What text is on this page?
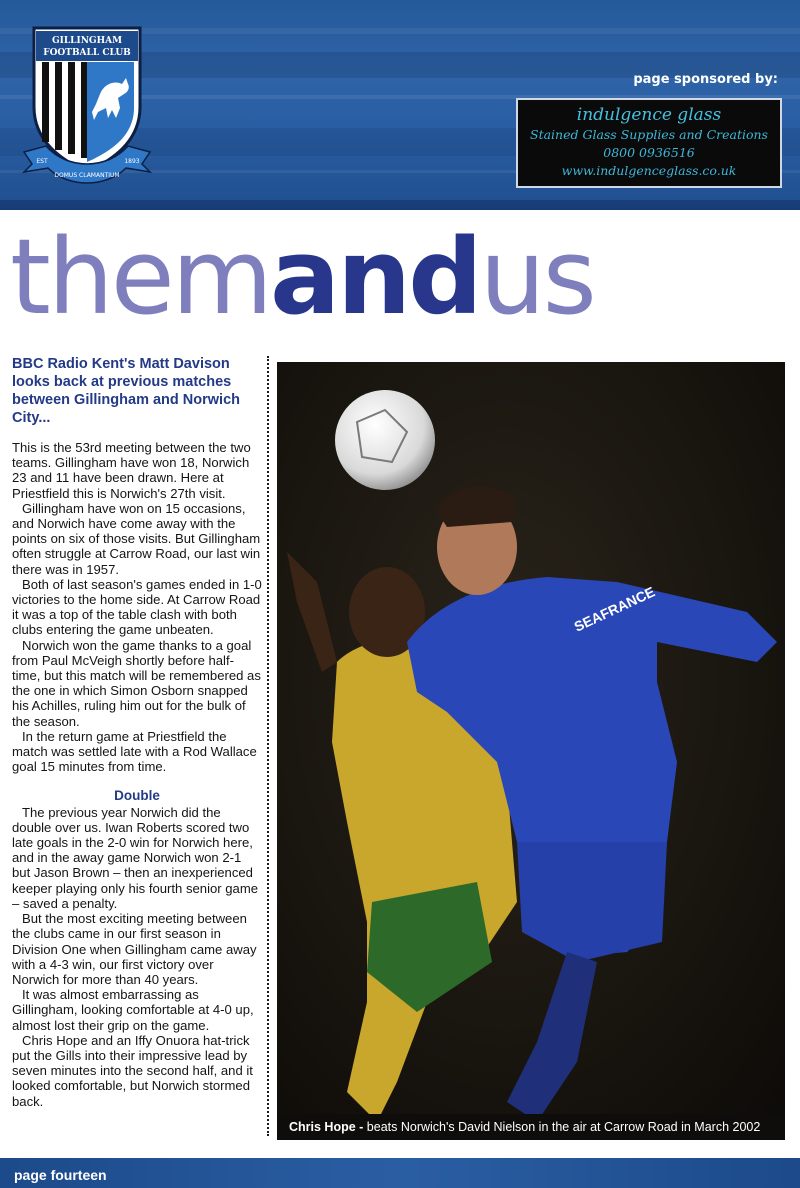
GILLINGHAM
FOOTBALL CLUB
EST
DOMUS CLAMANTIUM
1893
page sponsored by:
indulgence glass
Stained Glass Supplies and Creations
0800 0936516
www.indulgenceglass.co.uk
themandus
BBC Radio Kent's Matt Davison looks back at previous matches between Gillingham and Norwich City...

This is the 53rd meeting between the two teams. Gillingham have won 18, Norwich 23 and 11 have been drawn. Here at Priestfield this is Norwich's 27th visit.

Gillingham have won on 15 occasions, and Norwich have come away with the points on six of those visits. But Gillingham often struggle at Carrow Road, our last win there was in 1957.

Both of last season's games ended in 1-0 victories to the home side. At Carrow Road it was a top of the table clash with both clubs entering the game unbeaten.

Norwich won the game thanks to a goal from Paul McVeigh shortly before half-time, but this match will be remembered as the one in which Simon Osborn snapped his Achilles, ruling him out for the bulk of the season.

In the return game at Priestfield the match was settled late with a Rod Wallace goal 15 minutes from time.

Double

The previous year Norwich did the double over us. Iwan Roberts scored two late goals in the 2-0 win for Norwich here, and in the away game Norwich won 2-1 but Jason Brown – then an inexperienced keeper playing only his fourth senior game – saved a penalty.

But the most exciting meeting between the clubs came in our first season in Division One when Gillingham came away with a 4-3 win, our first victory over Norwich for more than 40 years.

It was almost embarrassing as Gillingham, looking comfortable at 4-0 up, almost lost their grip on the game.

Chris Hope and an Iffy Onuora hat-trick put the Gills into their impressive lead by seven minutes into the second half, and it looked comfortable, but Norwich stormed back.

SEAFRANCE
Chris Hope - beats Norwich's David Nielson in the air at Carrow Road in March 2002
page fourteen
